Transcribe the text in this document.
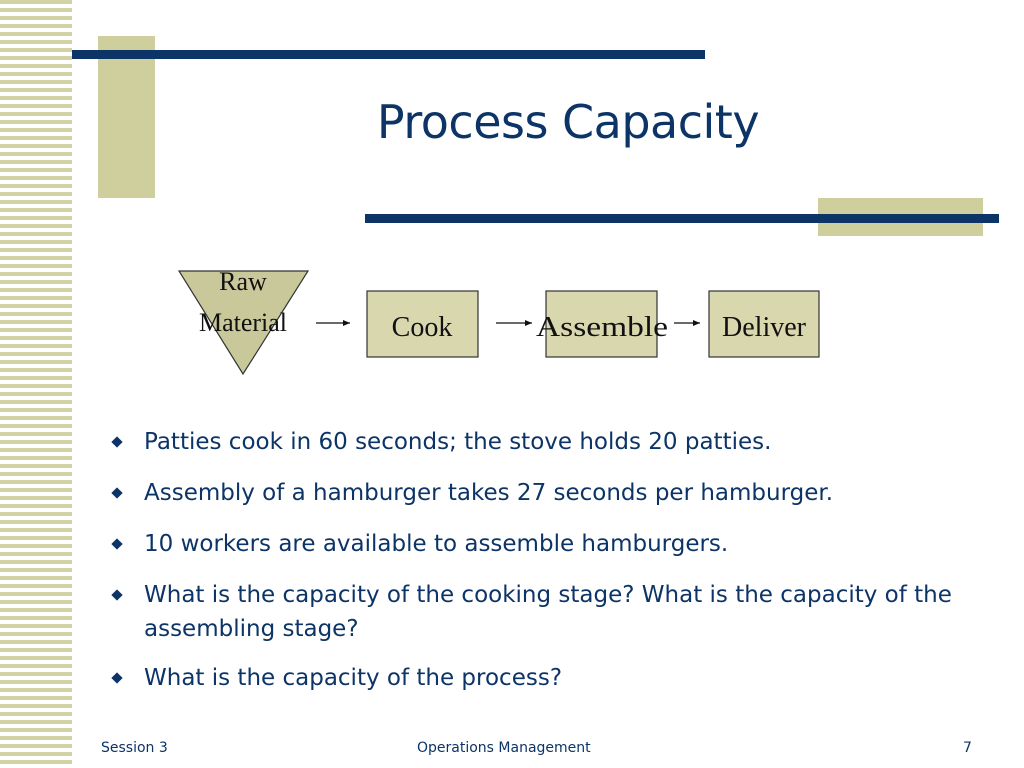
Process Capacity
Raw
Material	Cook	Assemble Deliver
Patties cook in 60 seconds; the stove holds 20 patties.
Assembly of a hamburger takes 27 seconds per hamburger.
10 workers are available to assemble hamburgers.
What is the capacity of the cooking stage? What is the capacity of the assembling stage?
What is the capacity of the process?
Session 3	Operations Management	7
